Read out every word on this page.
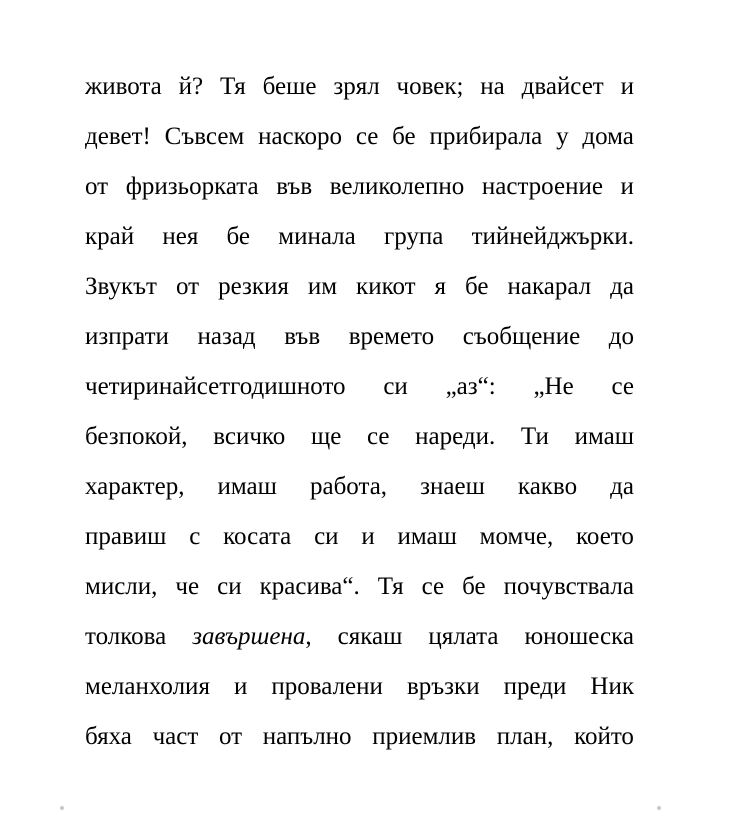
живота й? Тя беше зрял човек; на двайсет и
девет! Съвсем наскоро се бе прибирала у дома
от фризьорката във великолепно настроение и
край нея бе минала група тийнейджърки.
Звукът от резкия им кикот я бе накарал да
изпрати назад във времето съобщение до
четиринайсетгодишното си „аз“: „Не се
безпокой, всичко ще се нареди. Ти имаш
характер, имаш работа, знаеш какво да
правиш с косата си и имаш момче, което
мисли, че си красива“. Тя се бе почувствала
толкова завършена, сякаш цялата юношеска
меланхолия и провалени връзки преди Ник
бяха част от напълно приемлив план, който
